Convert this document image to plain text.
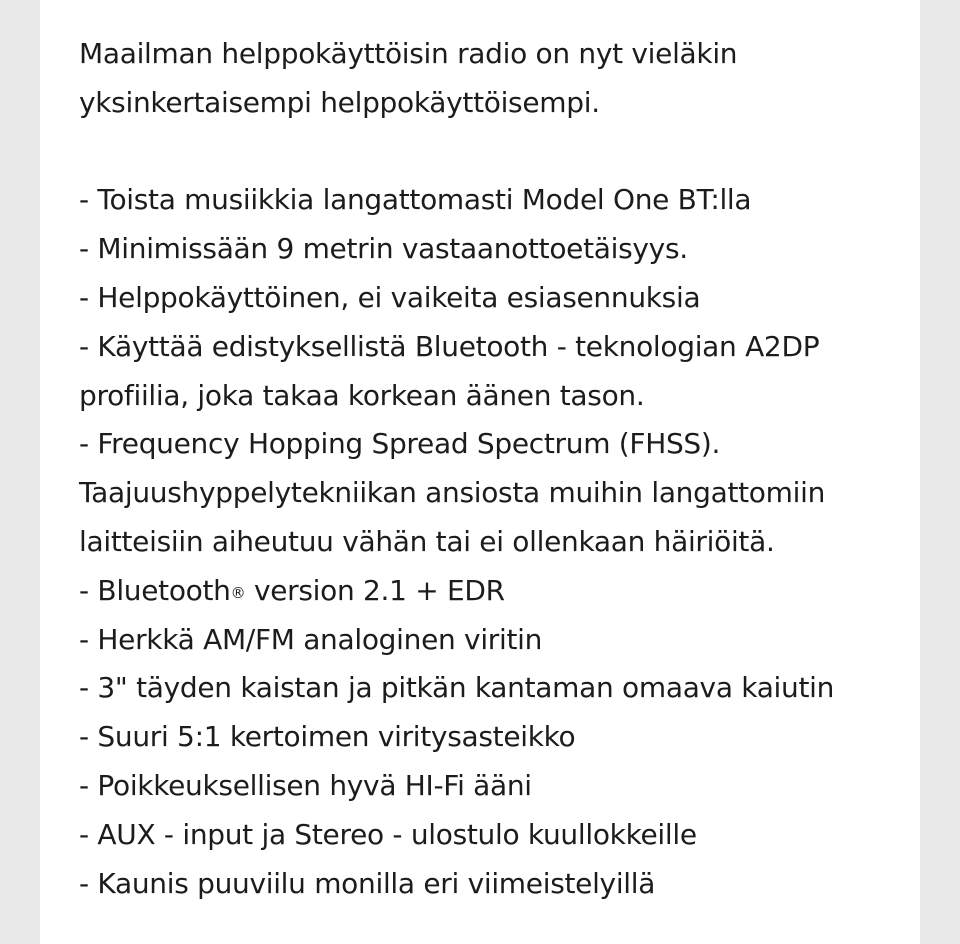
Maailman helppokäyttöisin radio on nyt vieläkin yksinkertaisempi helppokäyttöisempi.

- Toista musiikkia langattomasti Model One BT:lla
- Minimissään 9 metrin vastaanottoetäisyys.
- Helppokäyttöinen, ei vaikeita esiasennuksia
- Käyttää edistyksellistä Bluetooth - teknologian A2DP profiilia, joka takaa korkean äänen tason.
- Frequency Hopping Spread Spectrum (FHSS). Taajuushyppelytekniikan ansiosta muihin langattomiin laitteisiin aiheutuu vähän tai ei ollenkaan häiriöitä.
- Bluetooth® version 2.1 + EDR
- Herkkä AM/FM analoginen viritin
- 3" täyden kaistan ja pitkän kantaman omaava kaiutin
- Suuri 5:1 kertoimen viritysasteikko
- Poikkeuksellisen hyvä HI-Fi ääni
- AUX - input ja Stereo - ulostulo kuullokkeille
- Kaunis puuviilu monilla eri viimeistelyillä
